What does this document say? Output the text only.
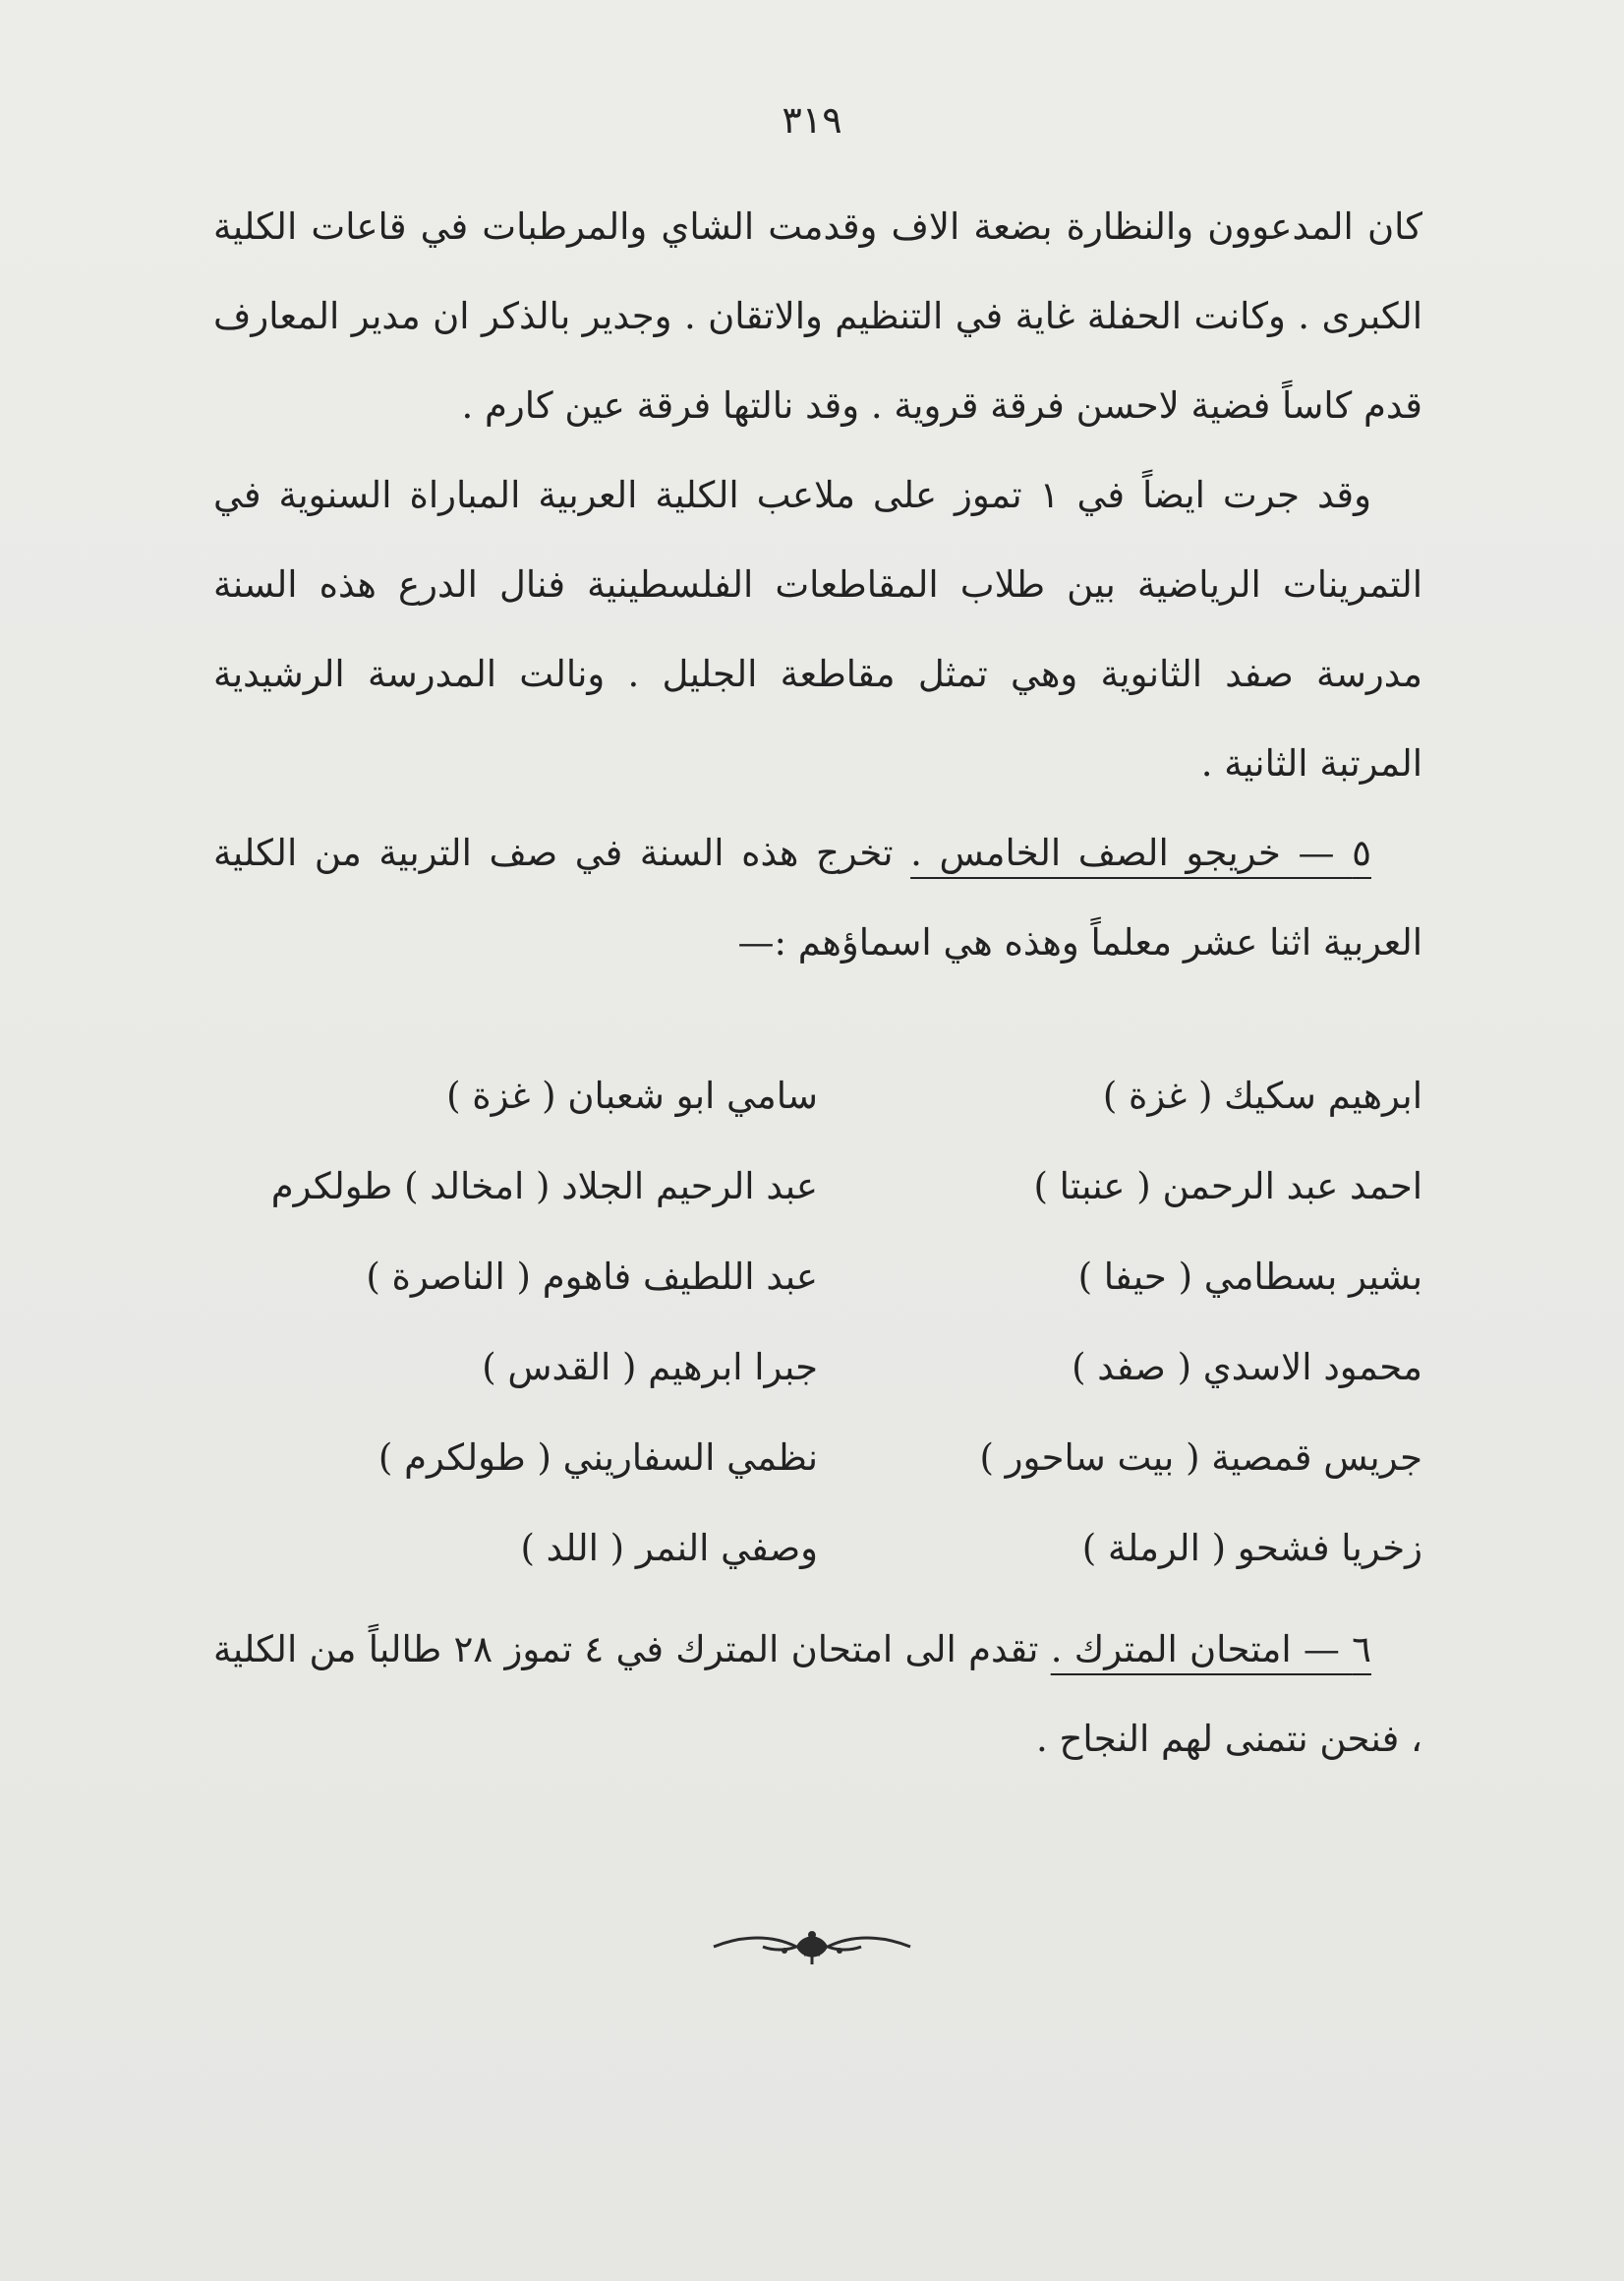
٣١٩

كان المدعوون والنظارة بضعة الاف وقدمت الشاي والمرطبات في قاعات الكلية الكبرى . وكانت الحفلة غاية في التنظيم والاتقان . وجدير بالذكر ان مدير المعارف قدم كاساً فضية لاحسن فرقة قروية . وقد نالتها فرقة عين كارم .

وقد جرت ايضاً في ١ تموز على ملاعب الكلية العربية المباراة السنوية في التمرينات الرياضية بين طلاب المقاطعات الفلسطينية فنال الدرع هذه السنة مدرسة صفد الثانوية وهي تمثل مقاطعة الجليل . ونالت المدرسة الرشيدية المرتبة الثانية .

٥ — خريجو الصف الخامس . تخرج هذه السنة في صف التربية من الكلية العربية اثنا عشر معلماً وهذه هي اسماؤهم :—

ابرهيم سكيك ( غزة )
سامي ابو شعبان ( غزة )
احمد عبد الرحمن ( عنبتا )
عبد الرحيم الجلاد ( امخالد ) طولكرم
بشير بسطامي ( حيفا )
عبد اللطيف فاهوم ( الناصرة )
محمود الاسدي ( صفد )
جبرا ابرهيم ( القدس )
جريس قمصية ( بيت ساحور )
نظمي السفاريني ( طولكرم )
زخريا فشحو ( الرملة )
وصفي النمر ( اللد )

٦ — امتحان المترك . تقدم الى امتحان المترك في ٤ تموز ٢٨ طالباً من الكلية ، فنحن نتمنى لهم النجاح .
